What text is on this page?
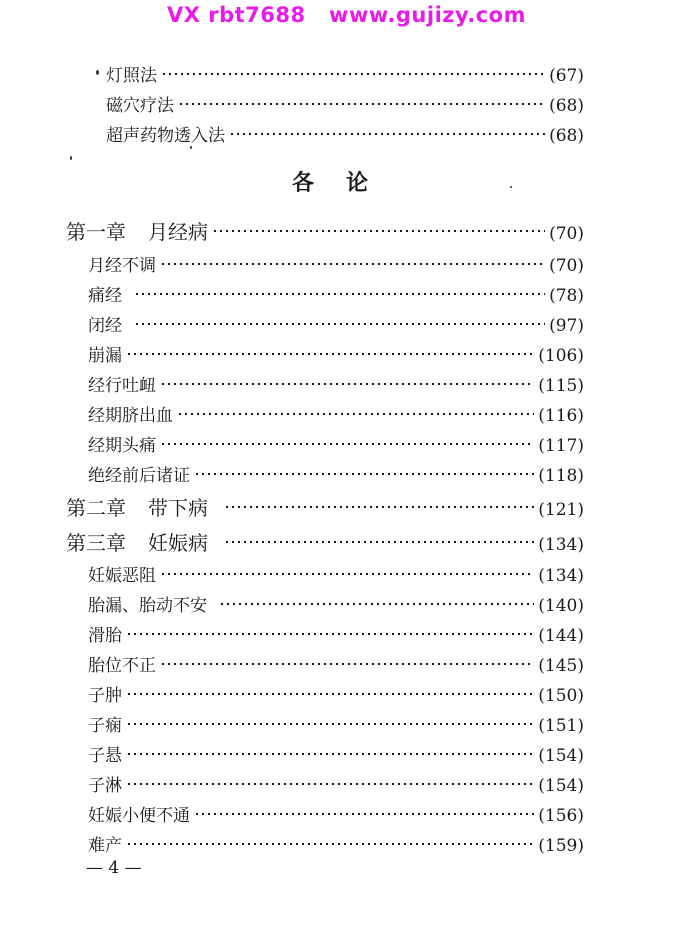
VX rbt7688   www.gujizy.com
灯照法	(67)
磁穴疗法	(68)
超声药物透入法	(68)
各论
第一章 月经病	(70)
月经不调	(70)
痛经	(78)
闭经	(97)
崩漏	(106)
经行吐衄	(115)
经期脐出血	(116)
经期头痛	(117)
绝经前后诸证	(118)
第二章 带下病	(121)
第三章 妊娠病	(134)
妊娠恶阻	(134)
胎漏、胎动不安	(140)
滑胎	(144)
胎位不正	(145)
子肿	(150)
子痫	(151)
子悬	(154)
子淋	(154)
妊娠小便不通	(156)
难产	(159)
— 4 —
